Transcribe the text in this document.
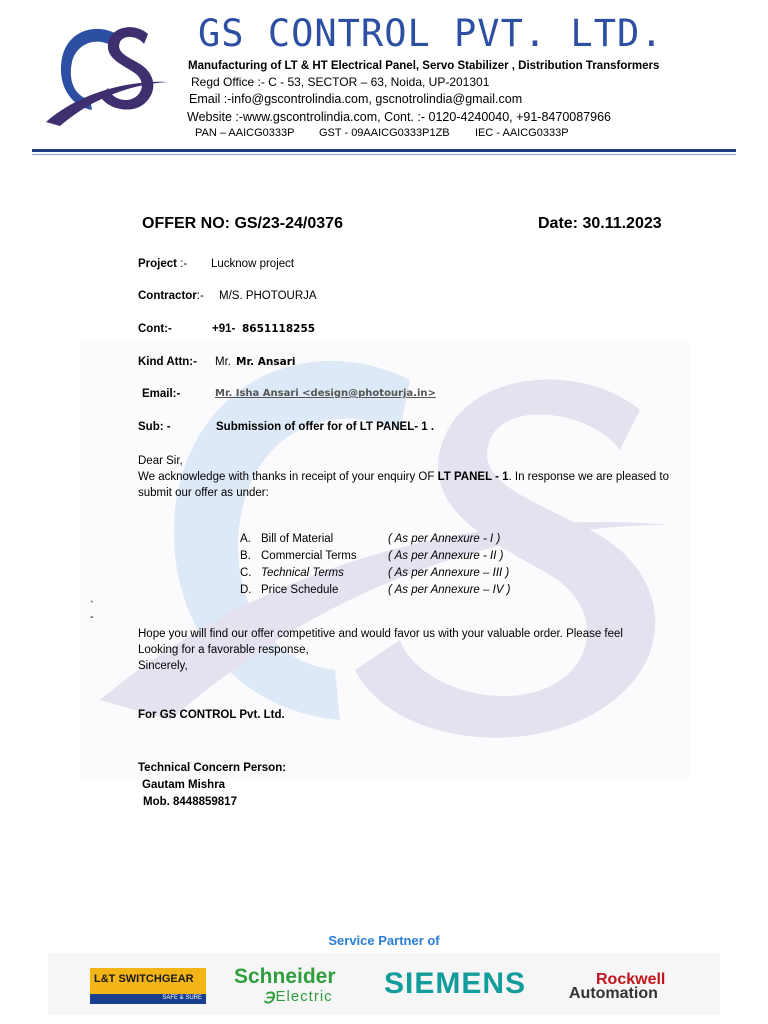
GS CONTROL PVT. LTD.
Manufacturing of LT & HT Electrical Panel, Servo Stabilizer , Distribution Transformers
Regd Office :- C - 53, SECTOR – 63, Noida, UP-201301
Email :-info@gscontrolindia.com, gscnotrolindia@gmail.com
Website :-www.gscontrolindia.com, Cont. :- 0120-4240040, +91-8470087966
PAN – AAICG0333P GST - 09AAICG0333P1ZB IEC - AAICG0333P
OFFER NO: GS/23-24/0376	Date: 30.11.2023
Project :- Lucknow project
Contractor:- M/S. PHOTOURJA
Cont:-	+91- 8651118255
Kind Attn:- Mr. Mr. Ansari
Email:-	Mr. Isha Ansari <design@photourja.in>
Sub: -	Submission of offer for of LT PANEL- 1 .
Dear Sir,
We acknowledge with thanks in receipt of your enquiry OF LT PANEL - 1. In response we are pleased to
submit our offer as under:
A. Bill of Material	( As per Annexure - I )
B. Commercial Terms	( As per Annexure - II )
C. Technical Terms	( As per Annexure – III )
D. Price Schedule	( As per Annexure – IV )
`
-
Hope you will find our offer competitive and would favor us with your valuable order. Please feel
Looking for a favorable response,
Sincerely,
For GS CONTROL Pvt. Ltd.
Technical Concern Person:
Gautam Mishra
Mob. 8448859817
Service Partner of
L&T SWITCHGEAR
SAFE & SURE
Schneider
℈Electric SIEMENS	Rockwell
Automation
